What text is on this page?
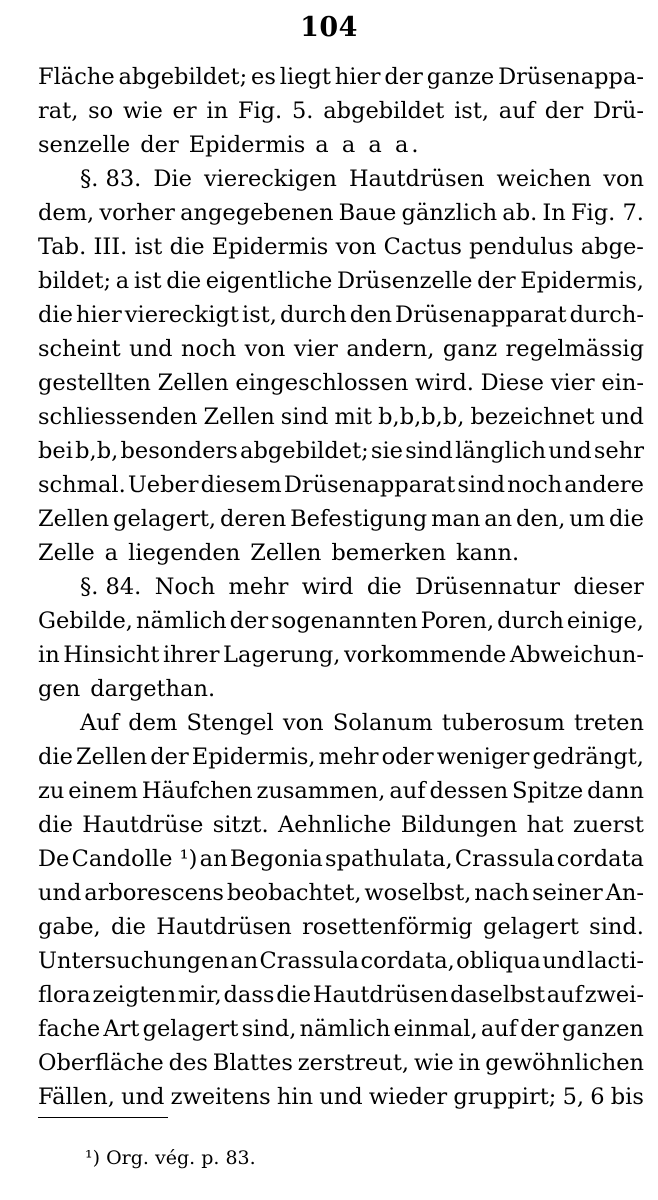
104
Fläche abgebildet; es liegt hier der ganze Drüsenappa-
rat, so wie er in Fig. 5. abgebildet ist, auf der Drü-
senzelle der Epidermis a a a a.
§. 83. Die viereckigen Hautdrüsen weichen von
dem, vorher angegebenen Baue gänzlich ab. In Fig. 7.
Tab. III. ist die Epidermis von Cactus pendulus abge-
bildet; a ist die eigentliche Drüsenzelle der Epidermis,
die hier viereckigt ist, durch den Drüsenapparat durch-
scheint und noch von vier andern, ganz regelmässig
gestellten Zellen eingeschlossen wird. Diese vier ein-
schliessenden Zellen sind mit b,b,b,b, bezeichnet und
bei b,b, besonders abgebildet; sie sind länglich und sehr
schmal. Ueber diesem Drüsenapparat sind noch andere
Zellen gelagert, deren Befestigung man an den, um die
Zelle a liegenden Zellen bemerken kann.
§. 84. Noch mehr wird die Drüsennatur dieser
Gebilde, nämlich der sogenannten Poren, durch einige,
in Hinsicht ihrer Lagerung, vorkommende Abweichun-
gen dargethan.
Auf dem Stengel von Solanum tuberosum treten
die Zellen der Epidermis, mehr oder weniger gedrängt,
zu einem Häufchen zusammen, auf dessen Spitze dann
die Hautdrüse sitzt. Aehnliche Bildungen hat zuerst
De Candolle ¹) an Begonia spathulata, Crassula cordata
und arborescens beobachtet, woselbst, nach seiner An-
gabe, die Hautdrüsen rosettenförmig gelagert sind.
Untersuchungen an Crassula cordata, obliqua und lacti-
flora zeigten mir, dass die Hautdrüsen daselbst auf zwei-
fache Art gelagert sind, nämlich einmal, auf der ganzen
Oberfläche des Blattes zerstreut, wie in gewöhnlichen
Fällen, und zweitens hin und wieder gruppirt; 5, 6 bis
¹) Org. vég. p. 83.
